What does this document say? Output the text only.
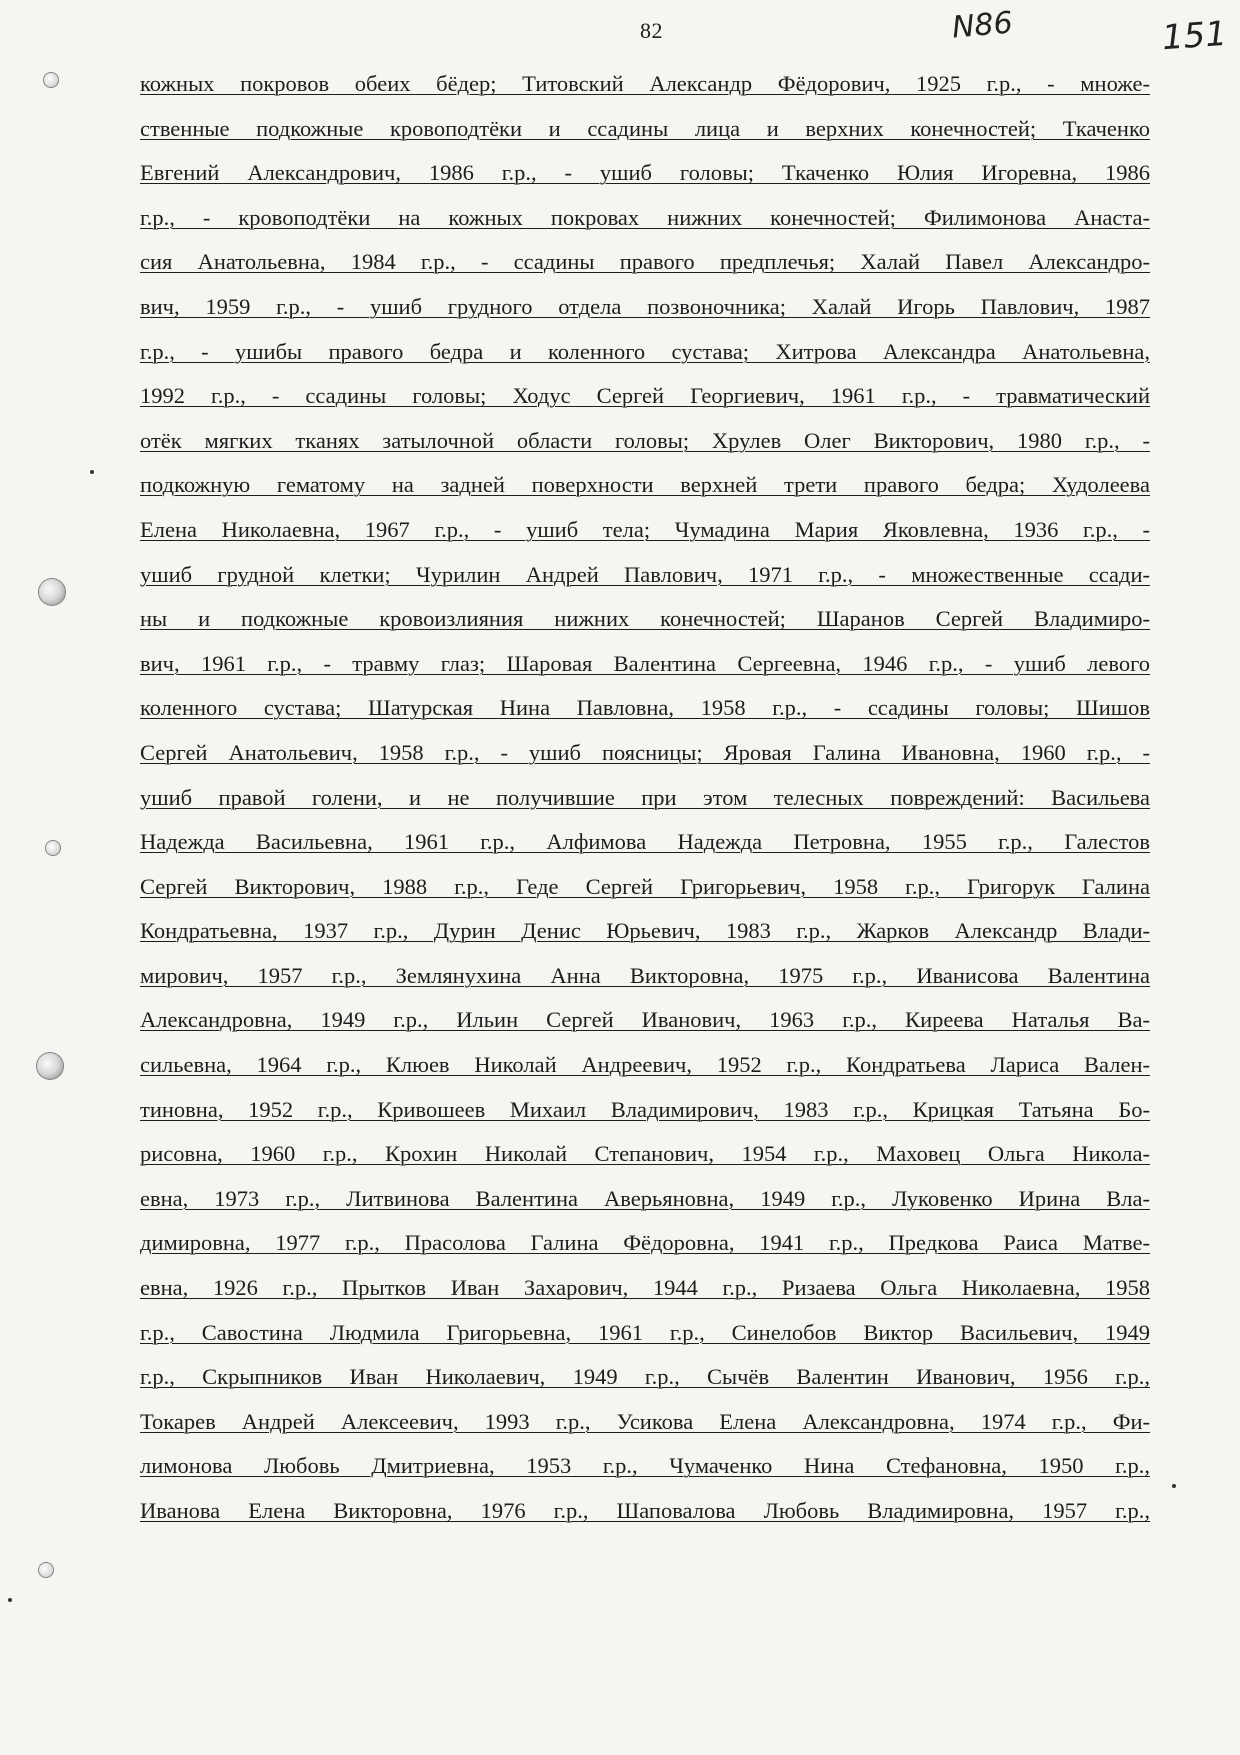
82	N86	151
кожных покровов обеих бёдер; Титовский Александр Фёдорович, 1925 г.р., - множе-
ственные подкожные кровоподтёки и ссадины лица и верхних конечностей; Ткаченко
Евгений Александрович, 1986 г.р., - ушиб головы; Ткаченко Юлия Игоревна, 1986
г.р., - кровоподтёки на кожных покровах нижних конечностей; Филимонова Анаста-
сия Анатольевна, 1984 г.р., - ссадины правого предплечья; Халай Павел Александро-
вич, 1959 г.р., - ушиб грудного отдела позвоночника; Халай Игорь Павлович, 1987
г.р., - ушибы правого бедра и коленного сустава; Хитрова Александра Анатольевна,
1992 г.р., - ссадины головы; Ходус Сергей Георгиевич, 1961 г.р., - травматический
отёк мягких тканях затылочной области головы; Хрулев Олег Викторович, 1980 г.р., -
подкожную гематому на задней поверхности верхней трети правого бедра; Худолеева
Елена Николаевна, 1967 г.р., - ушиб тела; Чумадина Мария Яковлевна, 1936 г.р., -
ушиб грудной клетки; Чурилин Андрей Павлович, 1971 г.р., - множественные ссади-
ны и подкожные кровоизлияния нижних конечностей; Шаранов Сергей Владимиро-
вич, 1961 г.р., - травму глаз; Шаровая Валентина Сергеевна, 1946 г.р., - ушиб левого
коленного сустава; Шатурская Нина Павловна, 1958 г.р., - ссадины головы; Шишов
Сергей Анатольевич, 1958 г.р., - ушиб поясницы; Яровая Галина Ивановна, 1960 г.р., -
ушиб правой голени, и не получившие при этом телесных повреждений: Васильева
Надежда Васильевна, 1961 г.р., Алфимова Надежда Петровна, 1955 г.р., Галестов
Сергей Викторович, 1988 г.р., Геде Сергей Григорьевич, 1958 г.р., Григорук Галина
Кондратьевна, 1937 г.р., Дурин Денис Юрьевич, 1983 г.р., Жарков Александр Влади-
мирович, 1957 г.р., Землянухина Анна Викторовна, 1975 г.р., Иванисова Валентина
Александровна, 1949 г.р., Ильин Сергей Иванович, 1963 г.р., Киреева Наталья Ва-
сильевна, 1964 г.р., Клюев Николай Андреевич, 1952 г.р., Кондратьева Лариса Вален-
тиновна, 1952 г.р., Кривошеев Михаил Владимирович, 1983 г.р., Крицкая Татьяна Бо-
рисовна, 1960 г.р., Крохин Николай Степанович, 1954 г.р., Маховец Ольга Никола-
евна, 1973 г.р., Литвинова Валентина Аверьяновна, 1949 г.р., Луковенко Ирина Вла-
димировна, 1977 г.р., Прасолова Галина Фёдоровна, 1941 г.р., Предкова Раиса Матве-
евна, 1926 г.р., Прытков Иван Захарович, 1944 г.р., Ризаева Ольга Николаевна, 1958
г.р., Савостина Людмила Григорьевна, 1961 г.р., Синелобов Виктор Васильевич, 1949
г.р., Скрыпников Иван Николаевич, 1949 г.р., Сычёв Валентин Иванович, 1956 г.р.,
Токарев Андрей Алексеевич, 1993 г.р., Усикова Елена Александровна, 1974 г.р., Фи-
лимонова Любовь Дмитриевна, 1953 г.р., Чумаченко Нина Стефановна, 1950 г.р.,
Иванова Елена Викторовна, 1976 г.р., Шаповалова Любовь Владимировна, 1957 г.р.,
